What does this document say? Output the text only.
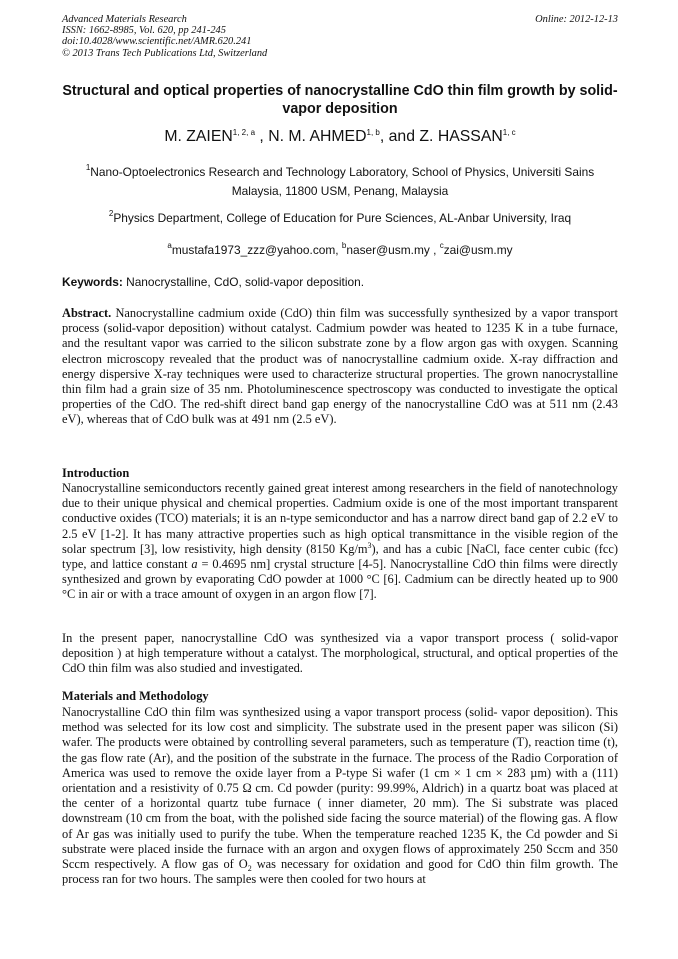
Advanced Materials Research
ISSN: 1662-8985, Vol. 620, pp 241-245
doi:10.4028/www.scientific.net/AMR.620.241
© 2013 Trans Tech Publications Ltd, Switzerland
Online: 2012-12-13
Structural and optical properties of nanocrystalline CdO thin film growth by solid-vapor deposition
M. ZAIEN$^{1, 2, a}$ , N. M. AHMED$^{1, b}$, and Z. HASSAN$^{1, c}$
$^1$Nano-Optoelectronics Research and Technology Laboratory, School of Physics, Universiti Sains Malaysia, 11800 USM, Penang, Malaysia
$^2$Physics Department, College of Education for Pure Sciences, AL-Anbar University, Iraq
$^a$mustafa1973_zzz@yahoo.com, $^b$naser@usm.my , $^c$zai@usm.my
Keywords: Nanocrystalline, CdO, solid-vapor deposition.
Abstract. Nanocrystalline cadmium oxide (CdO) thin film was successfully synthesized by a vapor transport process (solid-vapor deposition) without catalyst. Cadmium powder was heated to 1235 K in a tube furnace, and the resultant vapor was carried to the silicon substrate zone by a flow argon gas with oxygen. Scanning electron microscopy revealed that the product was of nanocrystalline cadmium oxide. X-ray diffraction and energy dispersive X-ray techniques were used to characterize structural properties. The grown nanocrystalline thin film had a grain size of 35 nm. Photoluminescence spectroscopy was conducted to investigate the optical properties of the CdO. The red-shift direct band gap energy of the nanocrystalline CdO was at 511 nm (2.43 eV), whereas that of CdO bulk was at 491 nm (2.5 eV).
Introduction
Nanocrystalline semiconductors recently gained great interest among researchers in the field of nanotechnology due to their unique physical and chemical properties. Cadmium oxide is one of the most important transparent conductive oxides (TCO) materials; it is an n-type semiconductor and has a narrow direct band gap of 2.2 eV to 2.5 eV [1-2]. It has many attractive properties such as high optical transmittance in the visible region of the solar spectrum [3], low resistivity, high density (8150 $Kg/m^3$), and has a cubic [NaCl, face center cubic (fcc) type, and lattice constant a = 0.4695 nm] crystal structure [4-5]. Nanocrystalline CdO thin films were directly synthesized and grown by evaporating CdO powder at 1000 °C [6]. Cadmium can be directly heated up to 900 °C in air or with a trace amount of oxygen in an argon flow [7].
In the present paper, nanocrystalline CdO was synthesized via a vapor transport process ( solid-vapor deposition ) at high temperature without a catalyst. The morphological, structural, and optical properties of the CdO thin film was also studied and investigated.
Materials and Methodology
Nanocrystalline CdO thin film was synthesized using a vapor transport process (solid- vapor deposition). This method was selected for its low cost and simplicity. The substrate used in the present paper was silicon (Si) wafer. The products were obtained by controlling several parameters, such as temperature (T), reaction time (t), the gas flow rate (Ar), and the position of the substrate in the furnace. The process of the Radio Corporation of America was used to remove the oxide layer from a P-type Si wafer (1 cm × 1 cm × 283 µm) with a (111) orientation and a resistivity of 0.75 Ω cm. Cd powder (purity: 99.99%, Aldrich) in a quartz boat was placed at the center of a horizontal quartz tube furnace ( inner diameter, 20 mm). The Si substrate was placed downstream (10 cm from the boat, with the polished side facing the source material) of the flowing gas. A flow of Ar gas was initially used to purify the tube. When the temperature reached 1235 K, the Cd powder and Si substrate were placed inside the furnace with an argon and oxygen flows of approximately 250 Sccm and 350 Sccm respectively. A flow gas of $O_2$ was necessary for oxidation and good for CdO thin film growth. The process ran for two hours. The samples were then cooled for two hours at
